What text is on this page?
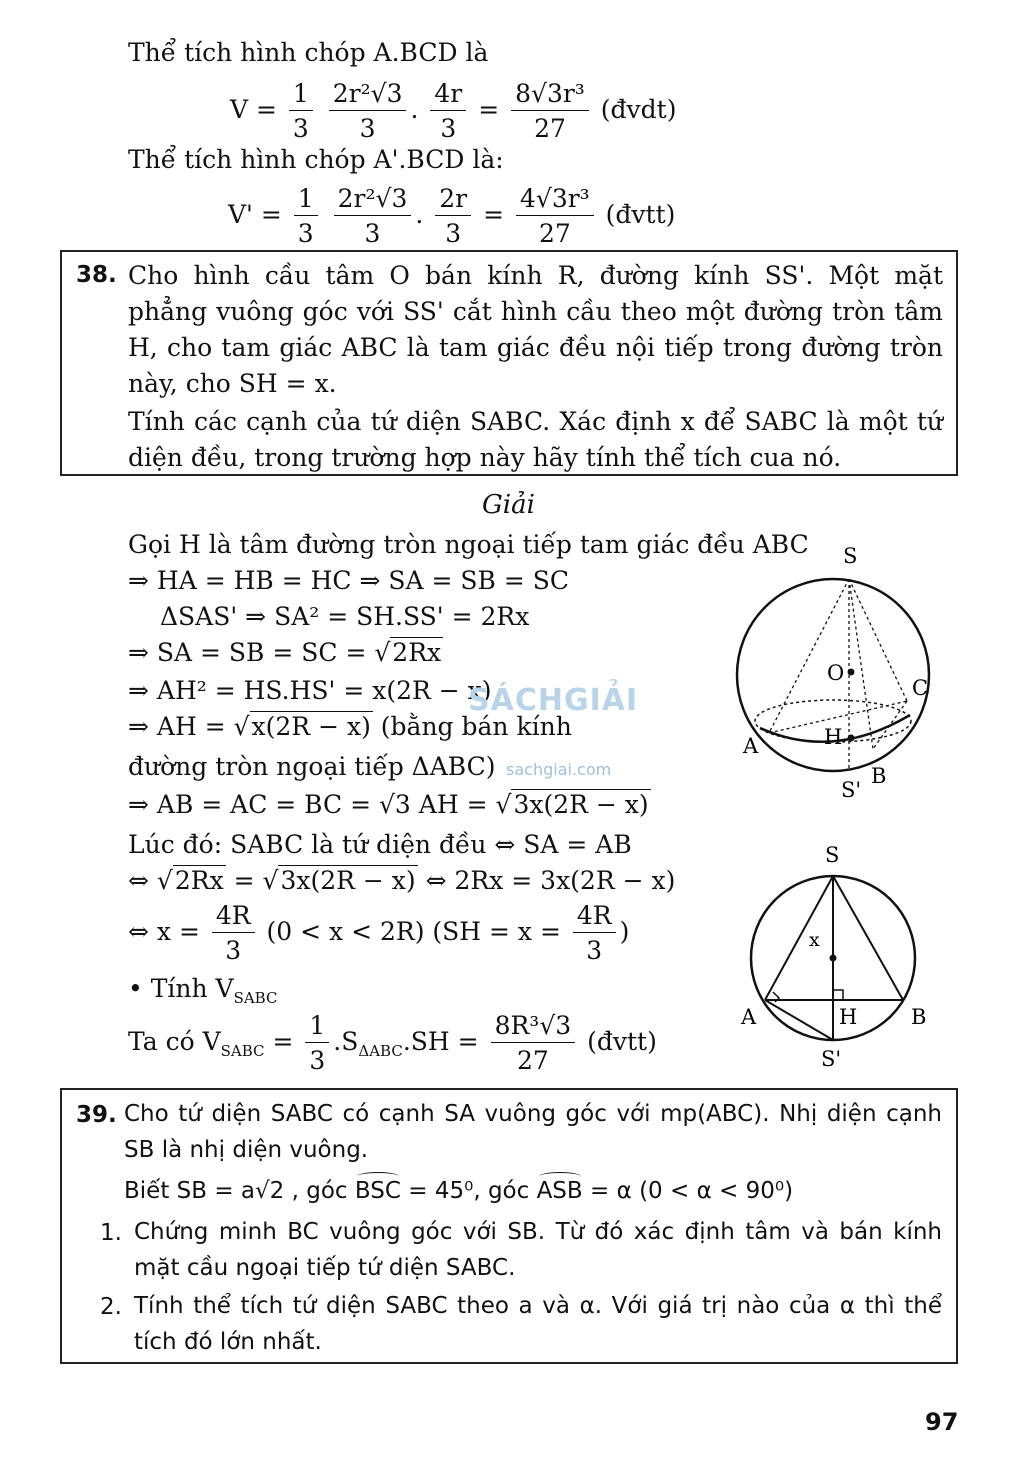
Thể tích hình chóp A.BCD là
$V = \frac{1}{3}$
$\frac{\text{2r²√3}}{3}$ . $\frac{4r}{3} = \frac{\text{8√3r³}}{27}$ (đvdt)
Thể tích hình chóp A'.BCD là:
$V' = \frac{1}{3}$
$\frac{\text{2r²√3}}{3}$ . $\frac{2r}{3} = \frac{\text{4√3r³}}{27}$ (đvtt)
38. Cho hình cầu tâm O bán kính R, đường kính SS'. Một mặt phẳng vuông góc với SS' cắt hình cầu theo một đường tròn tâm H, cho tam giác ABC là tam giác đều nội tiếp trong đường tròn này, cho SH = x.
Tính các cạnh của tứ diện SABC. Xác định x để SABC là một tứ diện đều, trong trường hợp này hãy tính thể tích cua nó.
Giải
Gọi H là tâm đường tròn ngoại tiếp tam giác đều ABC
⇒ HA = HB = HC ⇒ SA = SB = SC
ΔSAS' ⇒ SA² = SH.SS' = 2Rx
⇒ SA = SB = SC = √2Rx
⇒ AH² = HS.HS' = x(2R − x)
⇒ AH = √x(2R − x) (bằng bán kính
đường tròn ngoại tiếp ΔABC)
⇒ AB = AC = BC = √3 AH = √3x(2R − x)
Lúc đó: SABC là tứ diện đều ⇔ SA = AB
⇔ √2Rx = √3x(2R − x) ⇔ 2Rx = 3x(2R − x)
⇔ $x = \frac{4R}{3} (0 < x < 2R) (SH = x = \frac{4R}{3}$ )
• Tính $V_{SABC}$
Ta có $V_{SABC} = \frac{1}{3} .S_{\Delta ABC}.SH = \frac{\text{8R³√3}}{27}$ (đvtt)
SÁCHGIẢI
sachgiai.com
S
O
C
A	H
B
S'
S
x
A	H	B
S'
39. Cho tứ diện SABC có cạnh SA vuông góc với mp(ABC). Nhị diện cạnh SB là nhị diện vuông.
Biết SB = a√2 , góc BSC = 45⁰, góc ASB = α (0 < α < 90⁰)
1. Chứng minh BC vuông góc với SB. Từ đó xác định tâm và bán kính mặt cầu ngoại tiếp tứ diện SABC.
2. Tính thể tích tứ diện SABC theo a và α. Với giá trị nào của α thì thể tích đó lớn nhất.
97
